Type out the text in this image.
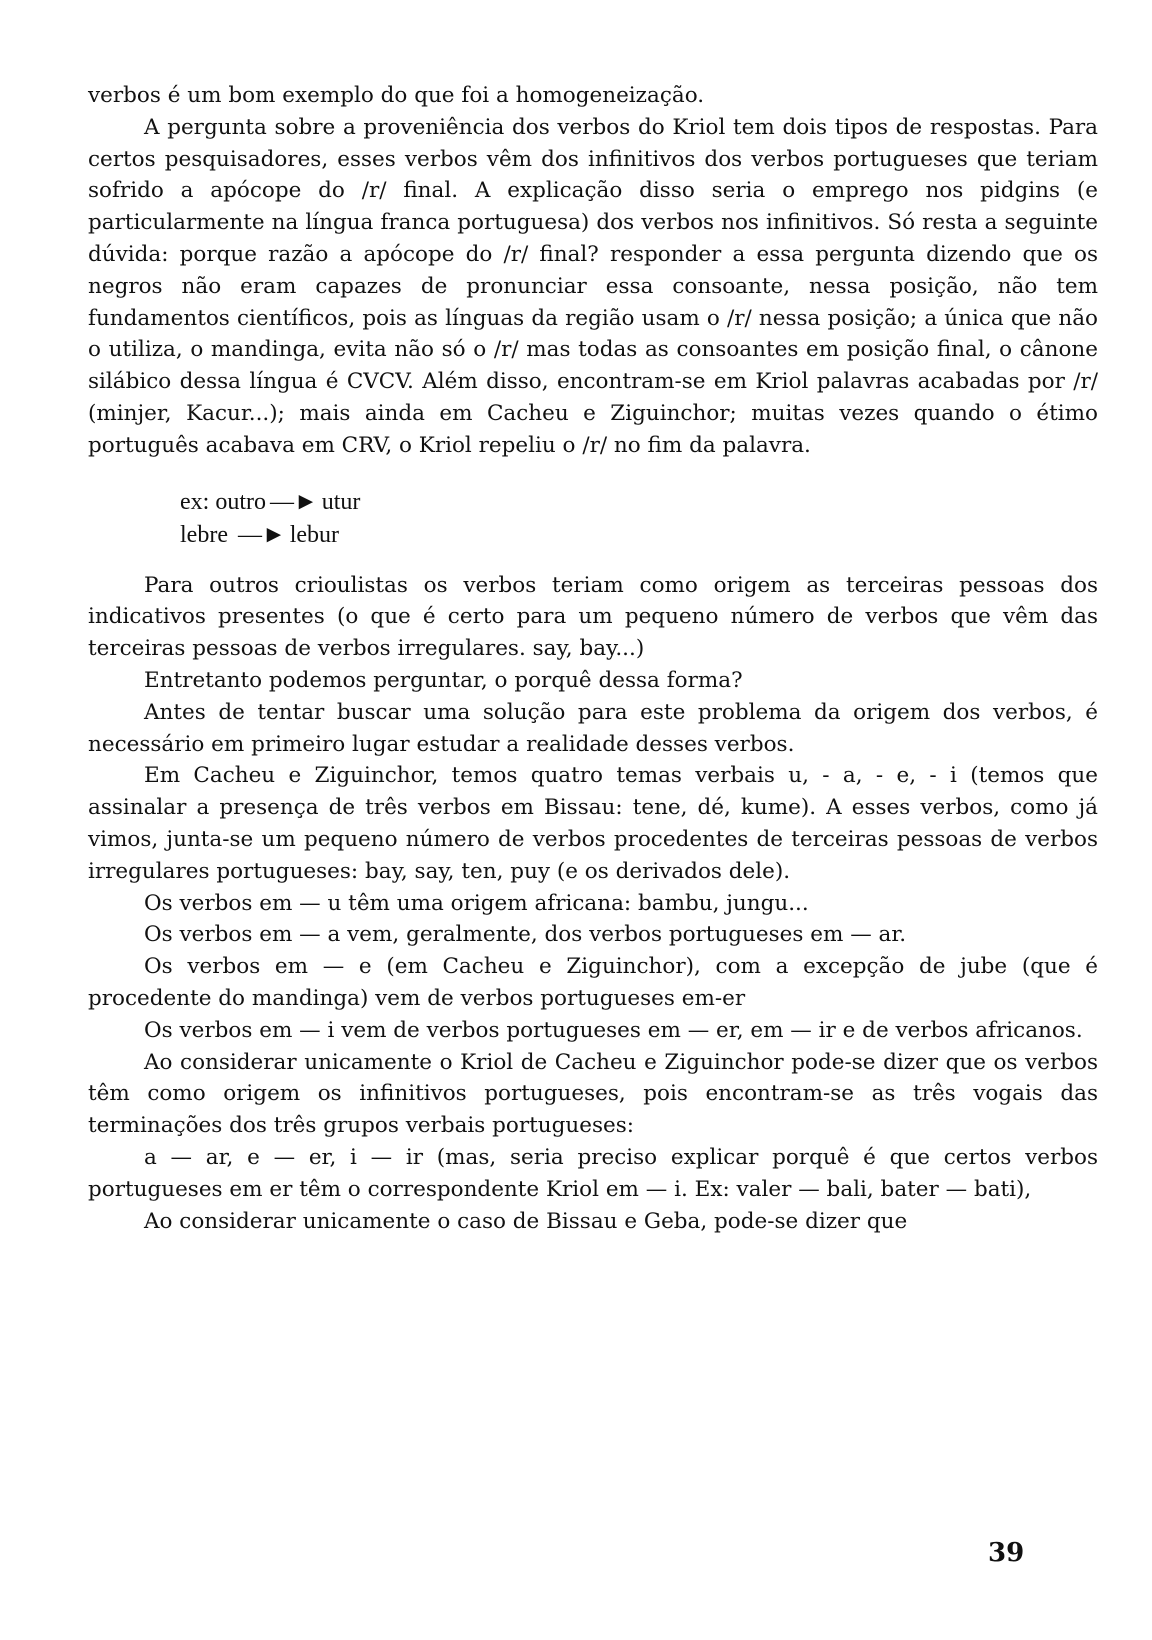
verbos é um bom exemplo do que foi a homogeneização.

A pergunta sobre a proveniência dos verbos do Kriol tem dois tipos de respostas. Para certos pesquisadores, esses verbos vêm dos infinitivos dos verbos portugueses que teriam sofrido a apócope do /r/ final. A explicação disso seria o emprego nos pidgins (e particularmente na língua franca portuguesa) dos verbos nos infinitivos. Só resta a seguinte dúvida: porque razão a apócope do /r/ final? responder a essa pergunta dizendo que os negros não eram capazes de pronunciar essa consoante, nessa posição, não tem fundamentos científicos, pois as línguas da região usam o /r/ nessa posição; a única que não o utiliza, o mandinga, evita não só o /r/ mas todas as consoantes em posição final, o cânone silábico dessa língua é CVCV. Além disso, encontram-se em Kriol palavras acabadas por /r/ (minjer, Kacur...); mais ainda em Cacheu e Ziguinchor; muitas vezes quando o étimo português acabava em CRV, o Kriol repeliu o /r/ no fim da palavra.

ex: outro —► utur
lebre —► lebur

Para outros crioulistas os verbos teriam como origem as terceiras pessoas dos indicativos presentes (o que é certo para um pequeno número de verbos que vêm das terceiras pessoas de verbos irregulares. say, bay...)

Entretanto podemos perguntar, o porquê dessa forma?

Antes de tentar buscar uma solução para este problema da origem dos verbos, é necessário em primeiro lugar estudar a realidade desses verbos.

Em Cacheu e Ziguinchor, temos quatro temas verbais u, - a, - e, - i (temos que assinalar a presença de três verbos em Bissau: tene, dé, kume). A esses verbos, como já vimos, junta-se um pequeno número de verbos procedentes de terceiras pessoas de verbos irregulares portugueses: bay, say, ten, puy (e os derivados dele).

Os verbos em — u têm uma origem africana: bambu, jungu...

Os verbos em — a vem, geralmente, dos verbos portugueses em — ar.

Os verbos em — e (em Cacheu e Ziguinchor), com a excepção de jube (que é procedente do mandinga) vem de verbos portugueses em-er

Os verbos em — i vem de verbos portugueses em — er, em — ir e de verbos africanos.

Ao considerar unicamente o Kriol de Cacheu e Ziguinchor pode-se dizer que os verbos têm como origem os infinitivos portugueses, pois encontram-se as três vogais das terminações dos três grupos verbais portugueses:

a — ar, e — er, i — ir (mas, seria preciso explicar porquê é que certos verbos portugueses em er têm o correspondente Kriol em — i. Ex: valer — bali, bater — bati),

Ao considerar unicamente o caso de Bissau e Geba, pode-se dizer que

39
